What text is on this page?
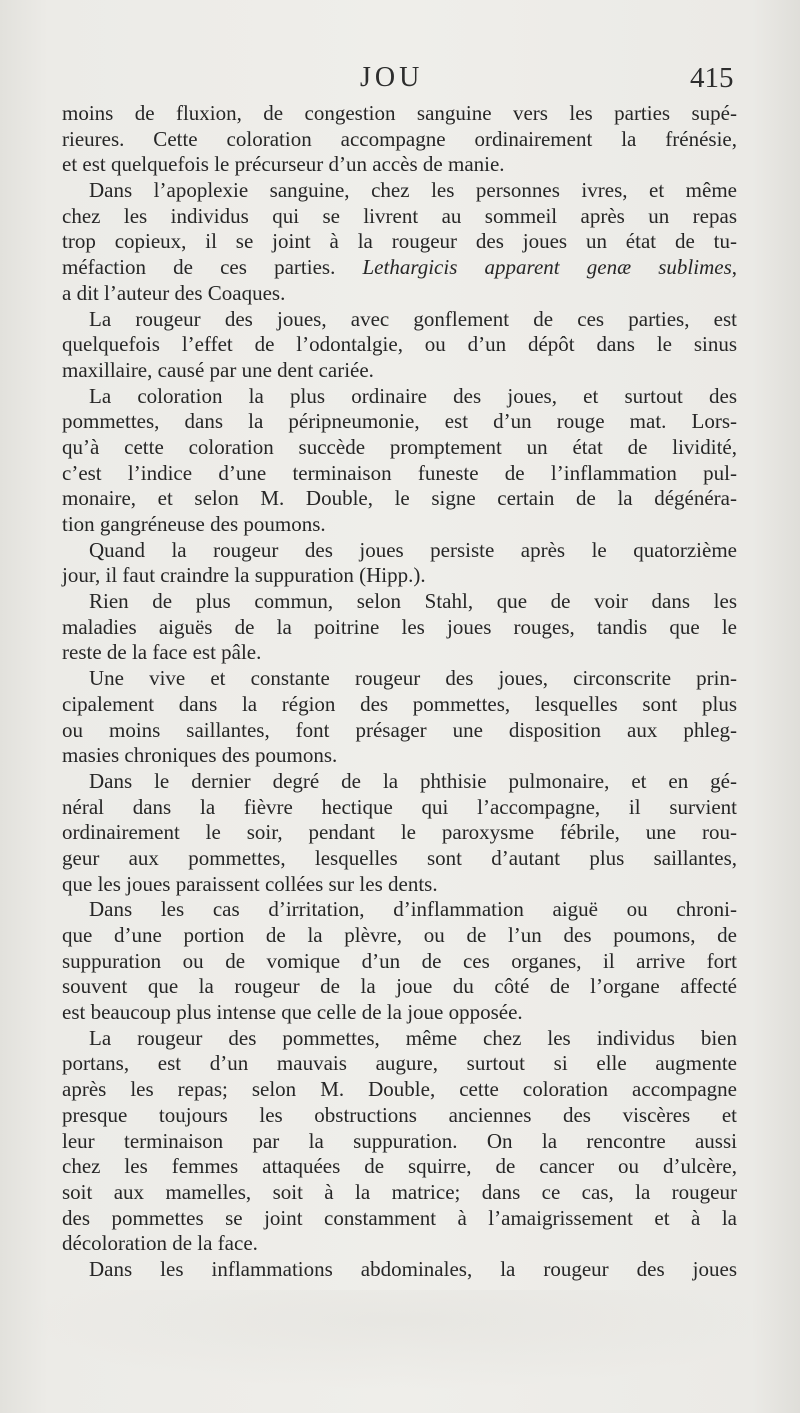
JOU	415
moins de fluxion, de congestion sanguine vers les parties supé-
rieures. Cette coloration accompagne ordinairement la frénésie,
et est quelquefois le précurseur d’un accès de manie.
Dans l’apoplexie sanguine, chez les personnes ivres, et même
chez les individus qui se livrent au sommeil après un repas
trop copieux, il se joint à la rougeur des joues un état de tu-
méfaction de ces parties. Lethargicis apparent genæ sublimes,
a dit l’auteur des Coaques.
La rougeur des joues, avec gonflement de ces parties, est
quelquefois l’effet de l’odontalgie, ou d’un dépôt dans le sinus
maxillaire, causé par une dent cariée.
La coloration la plus ordinaire des joues, et surtout des
pommettes, dans la péripneumonie, est d’un rouge mat. Lors-
qu’à cette coloration succède promptement un état de lividité,
c’est l’indice d’une terminaison funeste de l’inflammation pul-
monaire, et selon M. Double, le signe certain de la dégénéra-
tion gangréneuse des poumons.
Quand la rougeur des joues persiste après le quatorzième
jour, il faut craindre la suppuration (Hipp.).
Rien de plus commun, selon Stahl, que de voir dans les
maladies aiguës de la poitrine les joues rouges, tandis que le
reste de la face est pâle.
Une vive et constante rougeur des joues, circonscrite prin-
cipalement dans la région des pommettes, lesquelles sont plus
ou moins saillantes, font présager une disposition aux phleg-
masies chroniques des poumons.
Dans le dernier degré de la phthisie pulmonaire, et en gé-
néral dans la fièvre hectique qui l’accompagne, il survient
ordinairement le soir, pendant le paroxysme fébrile, une rou-
geur aux pommettes, lesquelles sont d’autant plus saillantes,
que les joues paraissent collées sur les dents.
Dans les cas d’irritation, d’inflammation aiguë ou chroni-
que d’une portion de la plèvre, ou de l’un des poumons, de
suppuration ou de vomique d’un de ces organes, il arrive fort
souvent que la rougeur de la joue du côté de l’organe affecté
est beaucoup plus intense que celle de la joue opposée.
La rougeur des pommettes, même chez les individus bien
portans, est d’un mauvais augure, surtout si elle augmente
après les repas; selon M. Double, cette coloration accompagne
presque toujours les obstructions anciennes des viscères et
leur terminaison par la suppuration. On la rencontre aussi
chez les femmes attaquées de squirre, de cancer ou d’ulcère,
soit aux mamelles, soit à la matrice; dans ce cas, la rougeur
des pommettes se joint constamment à l’amaigrissement et à la
décoloration de la face.
Dans les inflammations abdominales, la rougeur des joues
